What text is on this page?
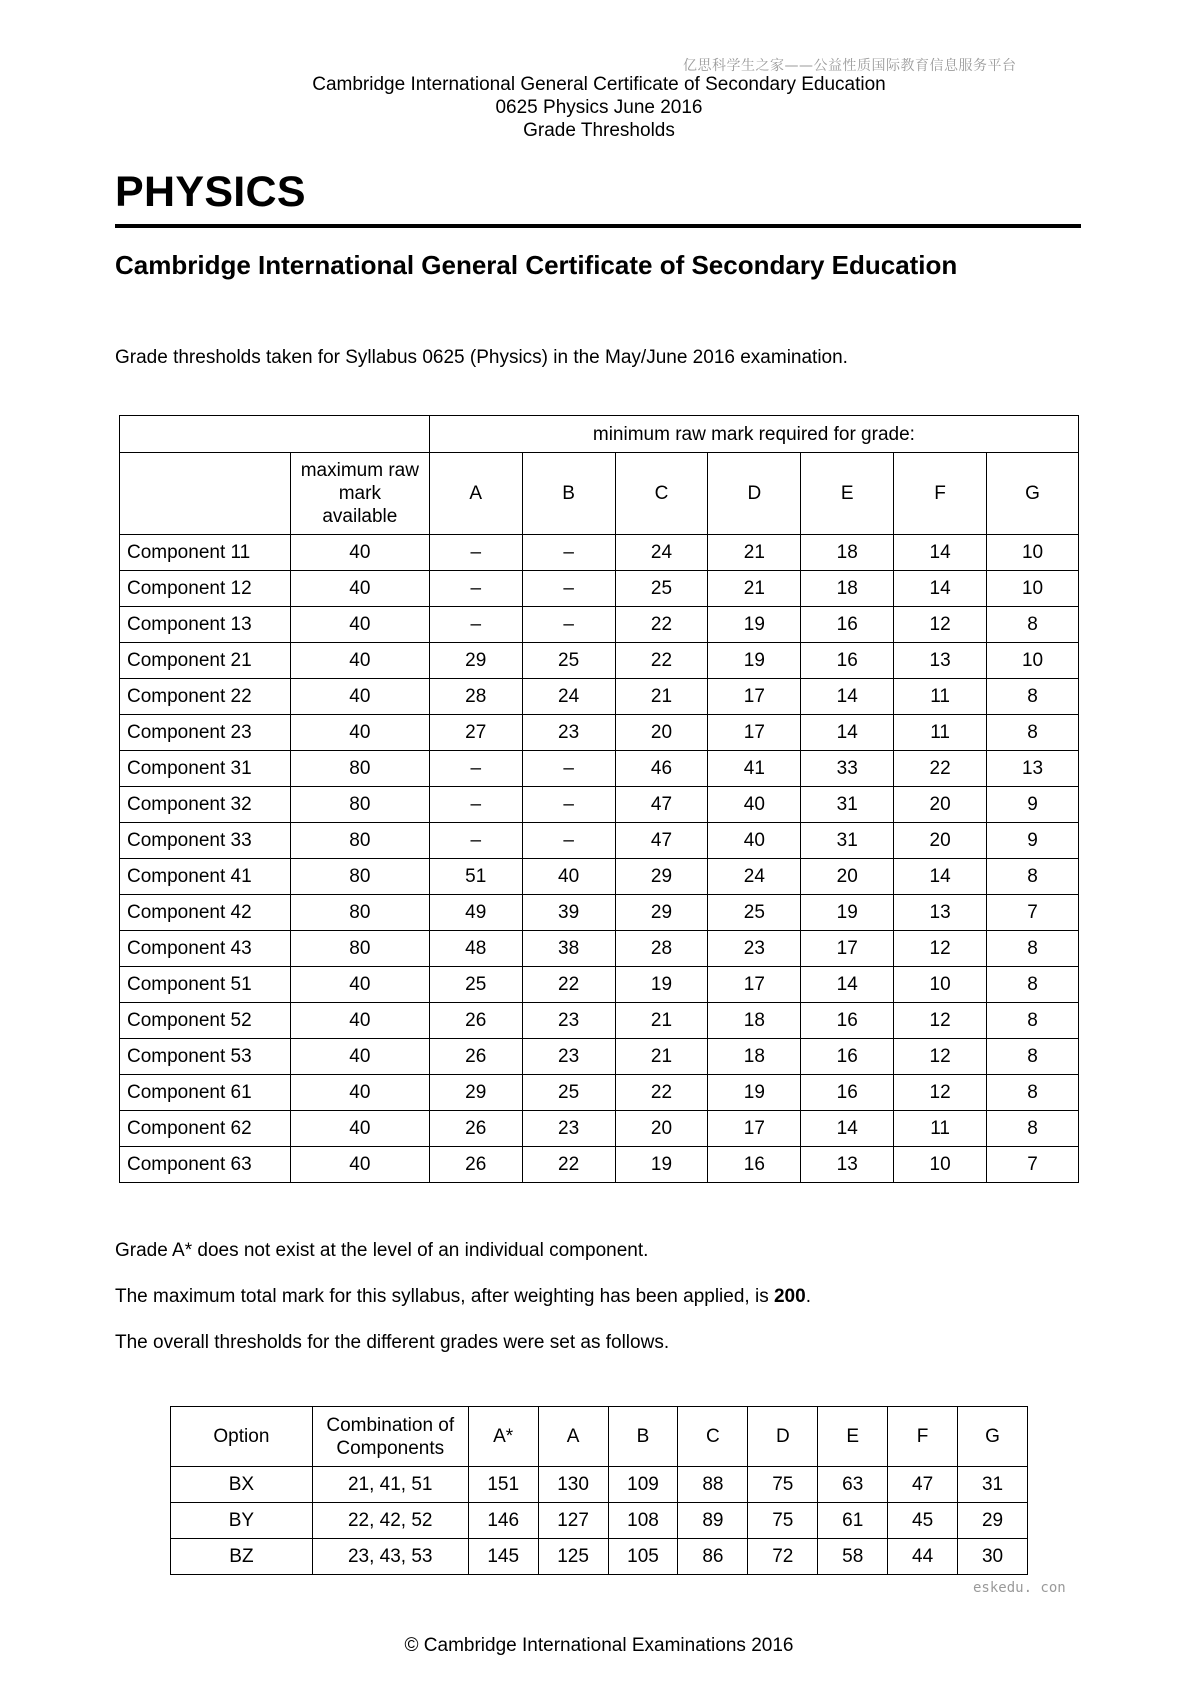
亿思科学生之家——公益性质国际教育信息服务平台
Cambridge International General Certificate of Secondary Education
0625 Physics June 2016
Grade Thresholds
PHYSICS
Cambridge International General Certificate of Secondary Education
Grade thresholds taken for Syllabus 0625 (Physics) in the May/June 2016 examination.
		minimum raw mark required for grade:						

	maximum raw
mark
available	A	B	C	D	E	F	G
Component 11	40	–	–	24	21	18	14	10
Component 12	40	–	–	25	21	18	14	10
Component 13	40	–	–	22	19	16	12	8
Component 21	40	29	25	22	19	16	13	10
Component 22	40	28	24	21	17	14	11	8
Component 23	40	27	23	20	17	14	11	8
Component 31	80	–	–	46	41	33	22	13
Component 32	80	–	–	47	40	31	20	9
Component 33	80	–	–	47	40	31	20	9
Component 41	80	51	40	29	24	20	14	8
Component 42	80	49	39	29	25	19	13	7
Component 43	80	48	38	28	23	17	12	8
Component 51	40	25	22	19	17	14	10	8
Component 52	40	26	23	21	18	16	12	8
Component 53	40	26	23	21	18	16	12	8
Component 61	40	29	25	22	19	16	12	8
Component 62	40	26	23	20	17	14	11	8
Component 63	40	26	22	19	16	13	10	7
Grade A* does not exist at the level of an individual component.
The maximum total mark for this syllabus, after weighting has been applied, is 200.
The overall thresholds for the different grades were set as follows.
Option	Combination of
Components	A*	A	B	C	D	E	F	G
BX	21, 41, 51	151	130	109	88	75	63	47	31
BY	22, 42, 52	146	127	108	89	75	61	45	29
BZ	23, 43, 53	145	125	105	86	72	58	44	30
eskedu. con
© Cambridge International Examinations 2016
